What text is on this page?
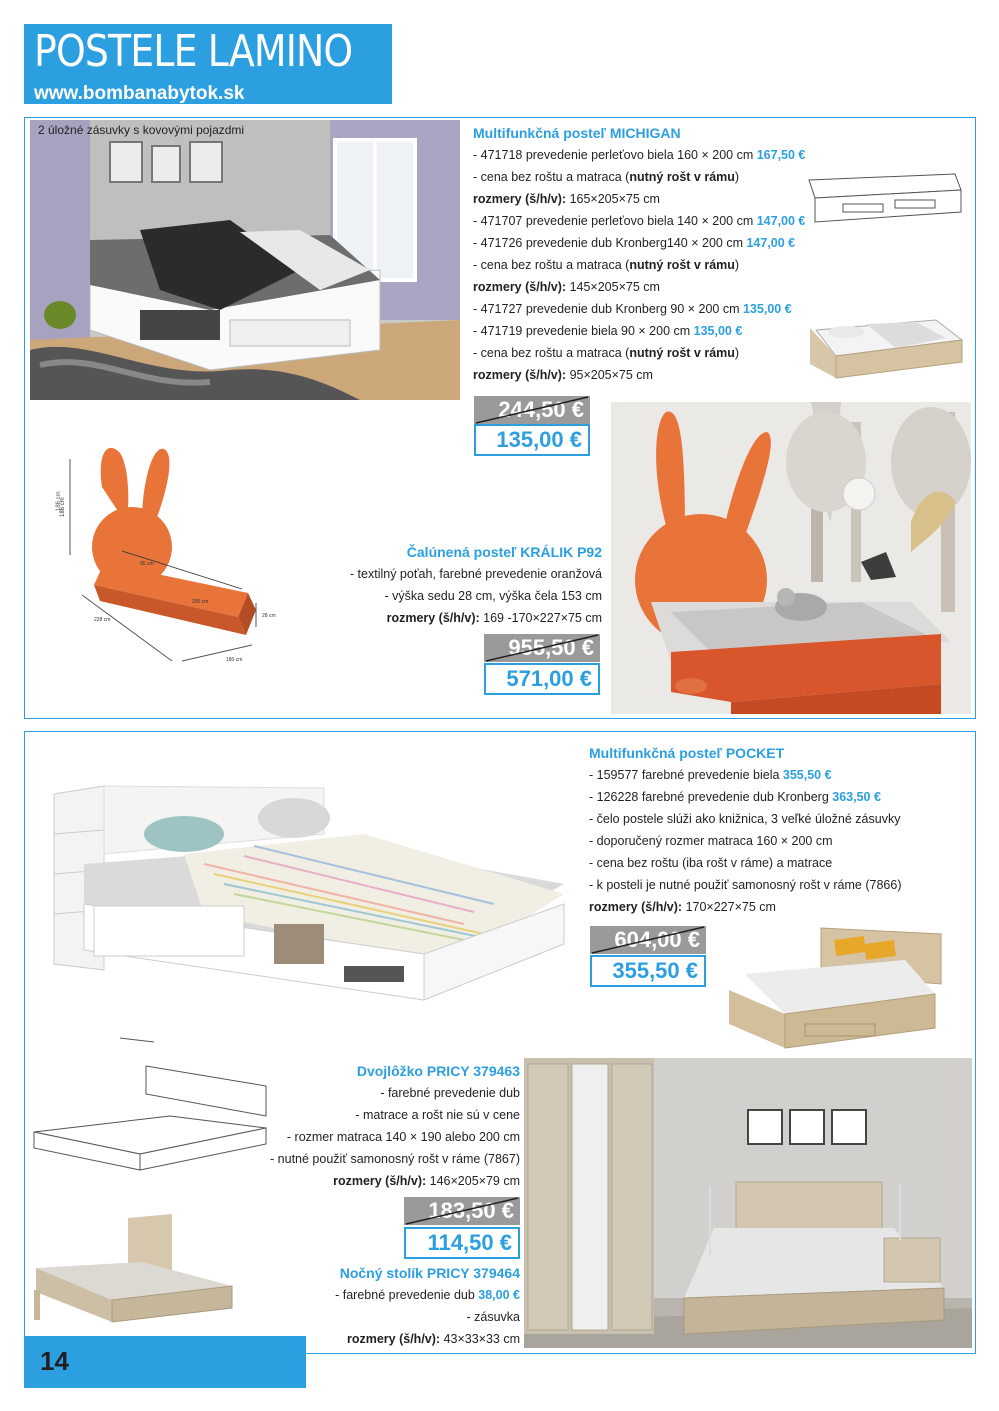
POSTELE LAMINO
www.bombanabytok.sk
2 úložné zásuvky s kovovými pojazdmi	Multifunkčná posteľ MICHIGAN
- 471718 prevedenie perleťovo biela 160 × 200 cm 167,50 €
- cena bez roštu a matraca (nutný rošt v rámu)
rozmery (š/h/v): 165×205×75 cm
- 471707 prevedenie perleťovo biela 140 × 200 cm 147,00 €
- 471726 prevedenie dub Kronberg140 × 200 cm 147,00 €
- cena bez roštu a matraca (nutný rošt v rámu)
rozmery (š/h/v): 145×205×75 cm
- 471727 prevedenie dub Kronberg 90 × 200 cm 135,00 €
- 471719 prevedenie biela 90 × 200 cm 135,00 €
- cena bez roštu a matraca (nutný rošt v rámu)
rozmery (š/h/v): 95×205×75 cm
244,50 €
135,00 €
186 cm
186 cm
95 cm
200 cm
228 cm
28 cm
180 cm
Čalúnená posteľ KRÁLIK P92
- textilný poťah, farebné prevedenie oranžová
- výška sedu 28 cm, výška čela 153 cm
rozmery (š/h/v): 169 -170×227×75 cm
955,50 €
571,00 €
Multifunkčná posteľ POCKET
- 159577 farebné prevedenie biela 355,50 €
- 126228 farebné prevedenie dub Kronberg 363,50 €
- čelo postele slúži ako knižnica, 3 veľké úložné zásuvky
- doporučený rozmer matraca 160 × 200 cm
- cena bez roštu (iba rošt v ráme) a matrace
- k posteli je nutné použiť samonosný rošt v ráme (7866)
rozmery (š/h/v): 170×227×75 cm
604,00 €
355,50 €
Dvojlôžko PRICY 379463
- farebné prevedenie dub
- matrace a rošt nie sú v cene
- rozmer matraca 140 × 190 alebo 200 cm
- nutné použiť samonosný rošt v ráme (7867)
rozmery (š/h/v): 146×205×79 cm
183,50 €
114,50 €
Nočný stolík PRICY 379464
- farebné prevedenie dub 38,00 €
- zásuvka
rozmery (š/h/v): 43×33×33 cm
14
